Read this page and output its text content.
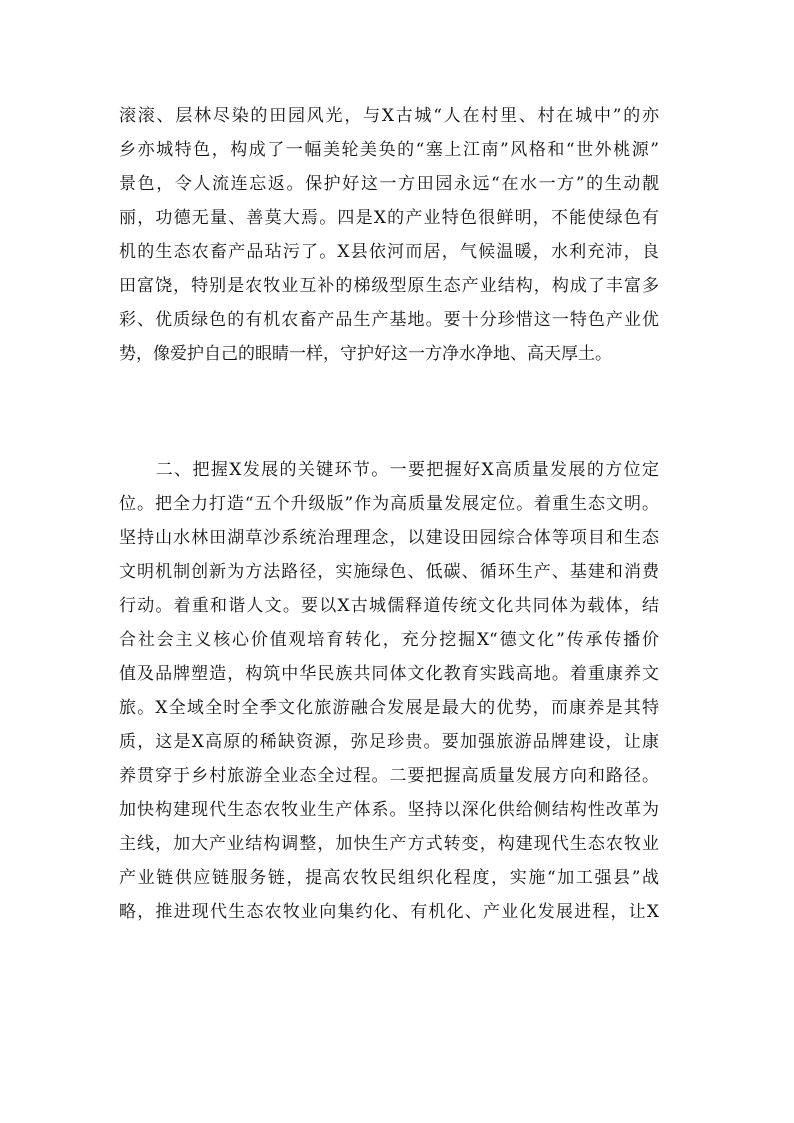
滚滚、层林尽染的田园风光，与X古城“人在村里、村在城中”的亦
乡亦城特色，构成了一幅美轮美奂的“塞上江南”风格和“世外桃源”
景色，令人流连忘返。保护好这一方田园永远“在水一方”的生动靓
丽，功德无量、善莫大焉。四是X的产业特色很鲜明，不能使绿色有
机的生态农畜产品玷污了。X县依河而居，气候温暖，水利充沛，良
田富饶，特别是农牧业互补的梯级型原生态产业结构，构成了丰富多
彩、优质绿色的有机农畜产品生产基地。要十分珍惜这一特色产业优
势，像爱护自己的眼睛一样，守护好这一方净水净地、高天厚土。
　　二、把握X发展的关键环节。一要把握好X高质量发展的方位定
位。把全力打造“五个升级版”作为高质量发展定位。着重生态文明。
坚持山水林田湖草沙系统治理理念，以建设田园综合体等项目和生态
文明机制创新为方法路径，实施绿色、低碳、循环生产、基建和消费
行动。着重和谐人文。要以X古城儒释道传统文化共同体为载体，结
合社会主义核心价值观培育转化，充分挖掘X“德文化”传承传播价
值及品牌塑造，构筑中华民族共同体文化教育实践高地。着重康养文
旅。X全域全时全季文化旅游融合发展是最大的优势，而康养是其特
质，这是X高原的稀缺资源，弥足珍贵。要加强旅游品牌建设，让康
养贯穿于乡村旅游全业态全过程。二要把握高质量发展方向和路径。
加快构建现代生态农牧业生产体系。坚持以深化供给侧结构性改革为
主线，加大产业结构调整，加快生产方式转变，构建现代生态农牧业
产业链供应链服务链，提高农牧民组织化程度，实施“加工强县”战
略，推进现代生态农牧业向集约化、有机化、产业化发展进程，让X
